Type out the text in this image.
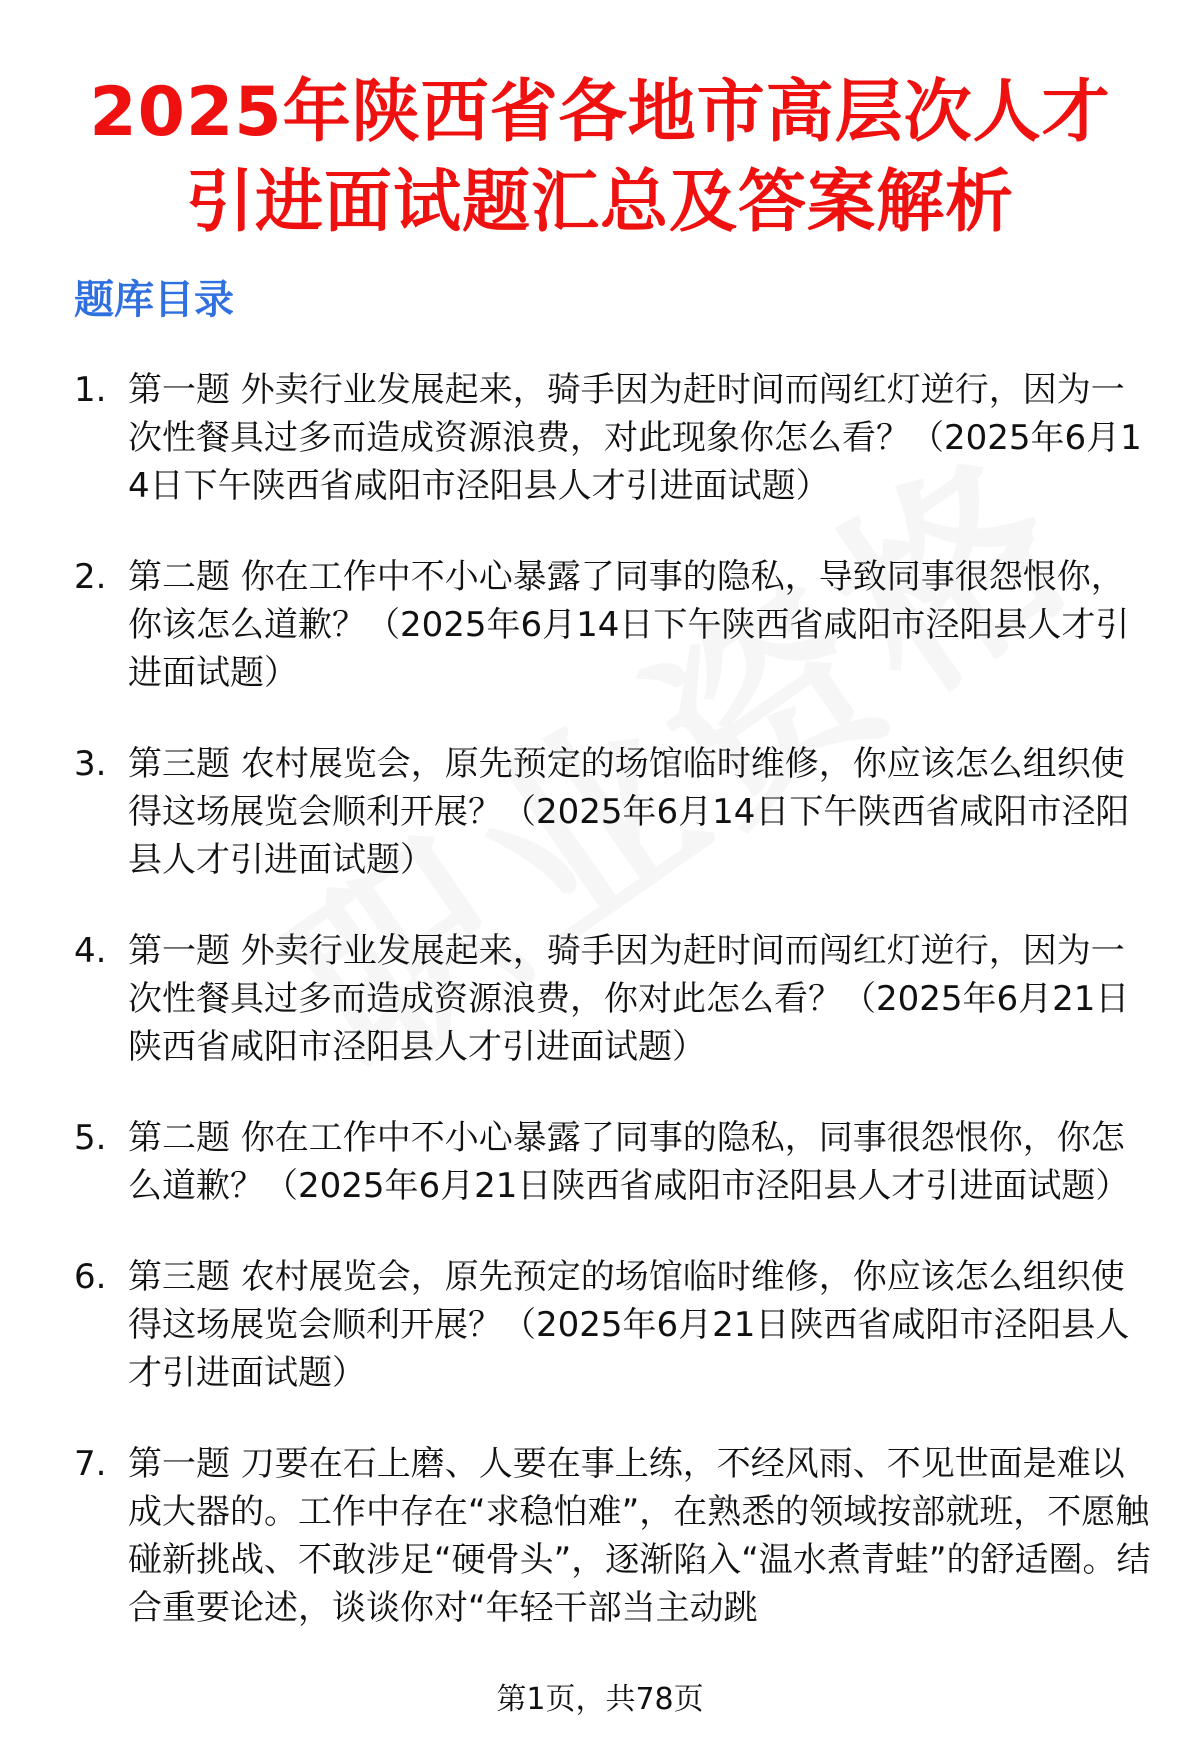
2025年陕西省各地市高层次人才引进面试题汇总及答案解析
题库目录
1. 第一题 外卖行业发展起来，骑手因为赶时间而闯红灯逆行，因为一次性餐具过多而造成资源浪费，对此现象你怎么看？（2025年6月14日下午陕西省咸阳市泾阳县人才引进面试题）
2. 第二题 你在工作中不小心暴露了同事的隐私，导致同事很怨恨你，你该怎么道歉？（2025年6月14日下午陕西省咸阳市泾阳县人才引进面试题）
3. 第三题 农村展览会，原先预定的场馆临时维修，你应该怎么组织使得这场展览会顺利开展？（2025年6月14日下午陕西省咸阳市泾阳县人才引进面试题）
4. 第一题 外卖行业发展起来，骑手因为赶时间而闯红灯逆行，因为一次性餐具过多而造成资源浪费，你对此怎么看？（2025年6月21日陕西省咸阳市泾阳县人才引进面试题）
5. 第二题 你在工作中不小心暴露了同事的隐私，同事很怨恨你，你怎么道歉？（2025年6月21日陕西省咸阳市泾阳县人才引进面试题）
6. 第三题 农村展览会，原先预定的场馆临时维修，你应该怎么组织使得这场展览会顺利开展？（2025年6月21日陕西省咸阳市泾阳县人才引进面试题）
7. 第一题 刀要在石上磨、人要在事上练，不经风雨、不见世面是难以成大器的。工作中存在“求稳怕难”，在熟悉的领域按部就班，不愿触碰新挑战、不敢涉足“硬骨头”，逐渐陷入“温水煮青蛙”的舒适圈。结合重要论述，谈谈你对“年轻干部当主动跳
第1页，共78页
